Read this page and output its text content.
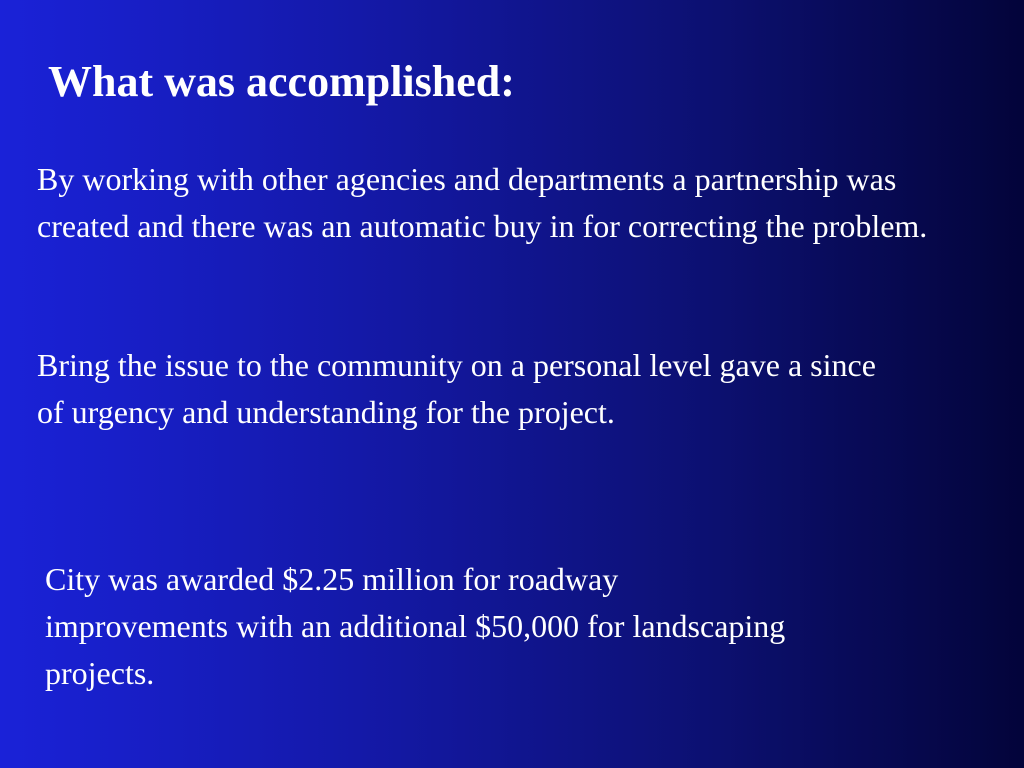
What was accomplished:

By working with other agencies and departments a partnership was created and there was an automatic buy in for correcting the problem.

Bring the issue to the community on a personal level gave a since of urgency and understanding for the project.

City was awarded $2.25 million for roadway improvements with an additional $50,000 for landscaping projects.
